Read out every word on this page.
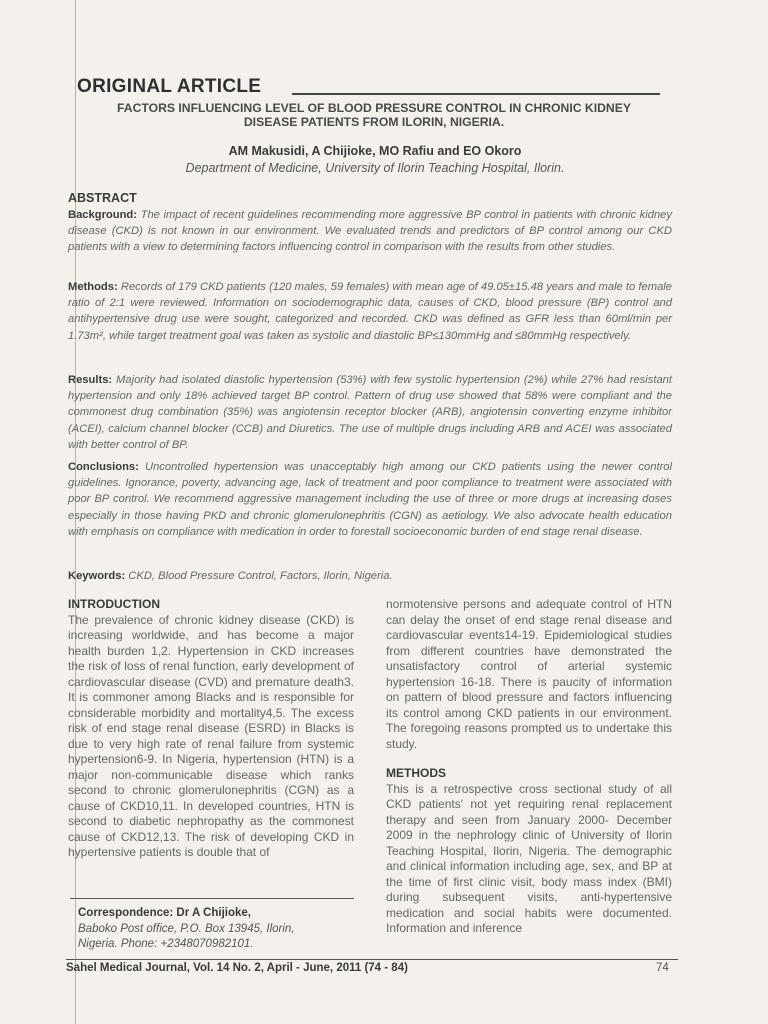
ORIGINAL ARTICLE
FACTORS INFLUENCING LEVEL OF BLOOD PRESSURE CONTROL IN CHRONIC KIDNEY
DISEASE PATIENTS FROM ILORIN, NIGERIA.
AM Makusidi, A Chijioke, MO Rafiu and EO Okoro
Department of Medicine, University of Ilorin Teaching Hospital, Ilorin.
ABSTRACT
Background: The impact of recent guidelines recommending more aggressive BP control in patients with chronic kidney disease (CKD) is not known in our environment. We evaluated trends and predictors of BP control among our CKD patients with a view to determining factors influencing control in comparison with the results from other studies.
Methods: Records of 179 CKD patients (120 males, 59 females) with mean age of 49.05±15.48 years and male to female ratio of 2:1 were reviewed. Information on sociodemographic data, causes of CKD, blood pressure (BP) control and antihypertensive drug use were sought, categorized and recorded. CKD was defined as GFR less than 60ml/min per 1.73m², while target treatment goal was taken as systolic and diastolic BP≤130mmHg and ≤80mmHg respectively.
Results: Majority had isolated diastolic hypertension (53%) with few systolic hypertension (2%) while 27% had resistant hypertension and only 18% achieved target BP control. Pattern of drug use showed that 58% were compliant and the commonest drug combination (35%) was angiotensin receptor blocker (ARB), angiotensin converting enzyme inhibitor (ACEI), calcium channel blocker (CCB) and Diuretics. The use of multiple drugs including ARB and ACEI was associated with better control of BP.
Conclusions: Uncontrolled hypertension was unacceptably high among our CKD patients using the newer control guidelines. Ignorance, poverty, advancing age, lack of treatment and poor compliance to treatment were associated with poor BP control. We recommend aggressive management including the use of three or more drugs at increasing doses especially in those having PKD and chronic glomerulonephritis (CGN) as aetiology. We also advocate health education with emphasis on compliance with medication in order to forestall socioeconomic burden of end stage renal disease.
Keywords: CKD, Blood Pressure Control, Factors, Ilorin, Nigeria.
INTRODUCTION
The prevalence of chronic kidney disease (CKD) is increasing worldwide, and has become a major health burden 1,2. Hypertension in CKD increases the risk of loss of renal function, early development of cardiovascular disease (CVD) and premature death3. It is commoner among Blacks and is responsible for considerable morbidity and mortality4,5. The excess risk of end stage renal disease (ESRD) in Blacks is due to very high rate of renal failure from systemic hypertension6-9. In Nigeria, hypertension (HTN) is a major non-communicable disease which ranks second to chronic glomerulonephritis (CGN) as a cause of CKD10,11. In developed countries, HTN is second to diabetic nephropathy as the commonest cause of CKD12,13. The risk of developing CKD in hypertensive patients is double that of
normotensive persons and adequate control of HTN can delay the onset of end stage renal disease and cardiovascular events14-19. Epidemiological studies from different countries have demonstrated the unsatisfactory control of arterial systemic hypertension 16-18. There is paucity of information on pattern of blood pressure and factors influencing its control among CKD patients in our environment. The foregoing reasons prompted us to undertake this study.
METHODS
This is a retrospective cross sectional study of all CKD patients' not yet requiring renal replacement therapy and seen from January 2000- December 2009 in the nephrology clinic of University of Ilorin Teaching Hospital, Ilorin, Nigeria. The demographic and clinical information including age, sex, and BP at the time of first clinic visit, body mass index (BMI) during subsequent visits, anti-hypertensive medication and social habits were documented. Information and inference
Correspondence: Dr A Chijioke,
Baboko Post office, P.O. Box 13945, Ilorin,
Nigeria. Phone: +2348070982101.
Sahel Medical Journal, Vol. 14 No. 2, April - June, 2011 (74 - 84)	74
